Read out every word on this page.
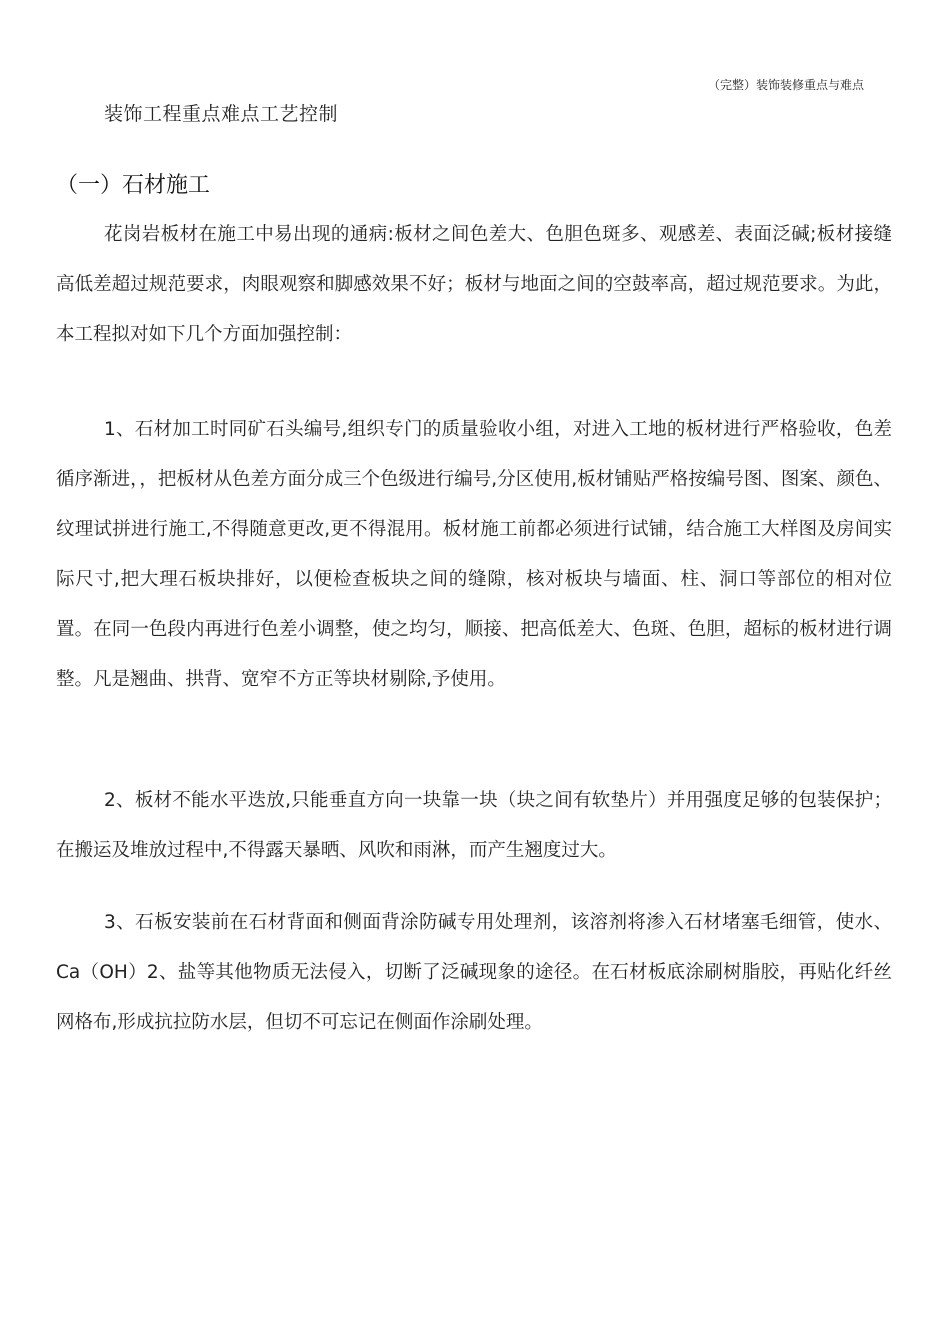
（完整）装饰装修重点与难点
装饰工程重点难点工艺控制
（一）石材施工

花岗岩板材在施工中易出现的通病:板材之间色差大、色胆色斑多、观感差、表面泛碱;板材接缝高低差超过规范要求，肉眼观察和脚感效果不好；板材与地面之间的空鼓率高，超过规范要求。为此，本工程拟对如下几个方面加强控制：

1、石材加工时同矿石头编号,组织专门的质量验收小组，对进入工地的板材进行严格验收，色差循序渐进，，把板材从色差方面分成三个色级进行编号,分区使用,板材铺贴严格按编号图、图案、颜色、纹理试拼进行施工,不得随意更改,更不得混用。板材施工前都必须进行试铺，结合施工大样图及房间实际尺寸,把大理石板块排好，以便检查板块之间的缝隙，核对板块与墙面、柱、洞口等部位的相对位置。在同一色段内再进行色差小调整，使之均匀，顺接、把高低差大、色斑、色胆，超标的板材进行调整。凡是翘曲、拱背、宽窄不方正等块材剔除,予使用。

2、板材不能水平迭放,只能垂直方向一块靠一块（块之间有软垫片）并用强度足够的包装保护；在搬运及堆放过程中,不得露天暴晒、风吹和雨淋，而产生翘度过大。

3、石板安装前在石材背面和侧面背涂防碱专用处理剂，该溶剂将渗入石材堵塞毛细管，使水、Ca（OH）2、盐等其他物质无法侵入，切断了泛碱现象的途径。在石材板底涂刷树脂胶，再贴化纤丝网格布,形成抗拉防水层，但切不可忘记在侧面作涂刷处理。
